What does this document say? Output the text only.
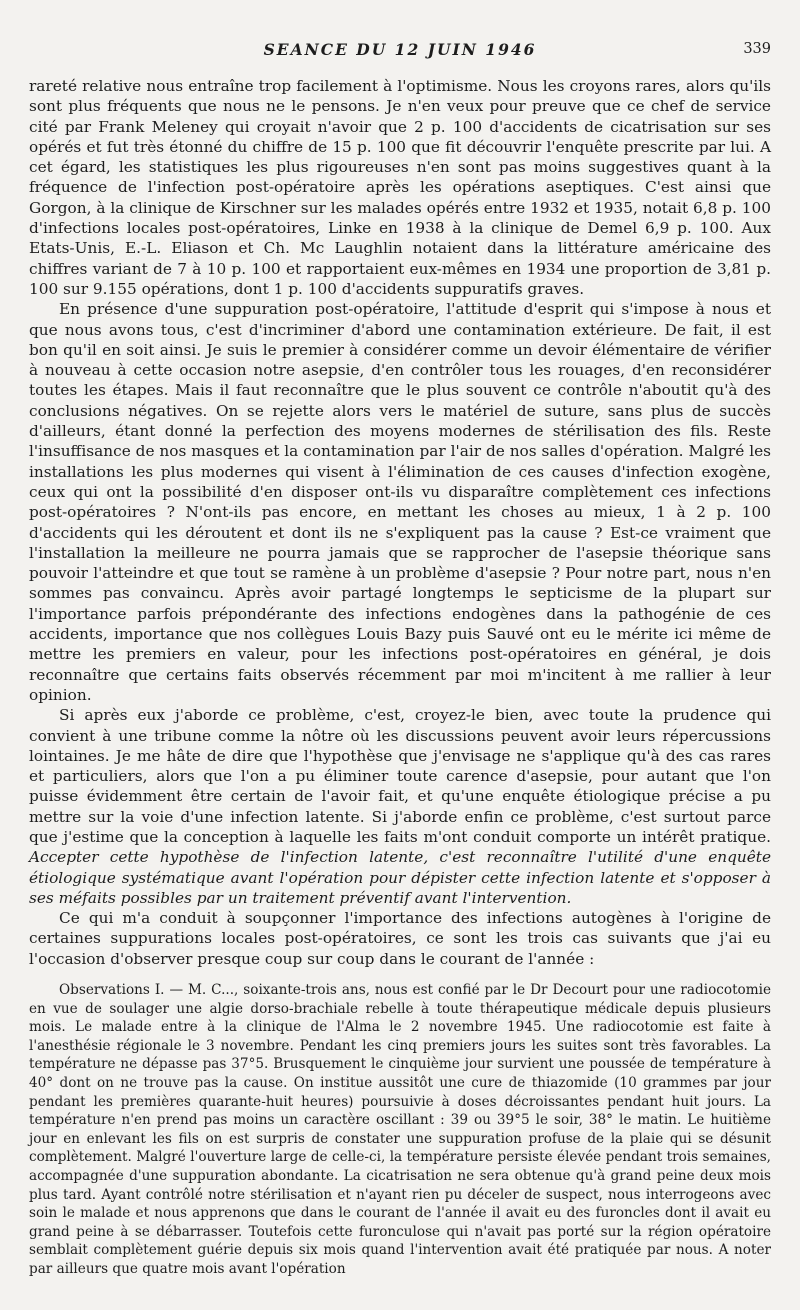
SEANCE DU 12 JUIN 1946	339

rareté relative nous entraîne trop facilement à l'optimisme. Nous les croyons rares, alors qu'ils sont plus fréquents que nous ne le pensons. Je n'en veux pour preuve que ce chef de service cité par Frank Meleney qui croyait n'avoir que 2 p. 100 d'accidents de cicatrisation sur ses opérés et fut très étonné du chiffre de 15 p. 100 que fit découvrir l'enquête prescrite par lui. A cet égard, les statistiques les plus rigoureuses n'en sont pas moins suggestives quant à la fréquence de l'infection post-opératoire après les opérations aseptiques. C'est ainsi que Gorgon, à la clinique de Kirschner sur les malades opérés entre 1932 et 1935, notait 6,8 p. 100 d'infections locales post-opératoires, Linke en 1938 à la clinique de Demel 6,9 p. 100. Aux Etats-Unis, E.-L. Eliason et Ch. Mc Laughlin notaient dans la littérature américaine des chiffres variant de 7 à 10 p. 100 et rapportaient eux-mêmes en 1934 une proportion de 3,81 p. 100 sur 9.155 opérations, dont 1 p. 100 d'accidents suppuratifs graves.

En présence d'une suppuration post-opératoire, l'attitude d'esprit qui s'impose à nous et que nous avons tous, c'est d'incriminer d'abord une contamination extérieure. De fait, il est bon qu'il en soit ainsi. Je suis le premier à considérer comme un devoir élémentaire de vérifier à nouveau à cette occasion notre asepsie, d'en contrôler tous les rouages, d'en reconsidérer toutes les étapes. Mais il faut reconnaître que le plus souvent ce contrôle n'aboutit qu'à des conclusions négatives. On se rejette alors vers le matériel de suture, sans plus de succès d'ailleurs, étant donné la perfection des moyens modernes de stérilisation des fils. Reste l'insuffisance de nos masques et la contamination par l'air de nos salles d'opération. Malgré les installations les plus modernes qui visent à l'élimination de ces causes d'infection exogène, ceux qui ont la possibilité d'en disposer ont-ils vu disparaître complètement ces infections post-opératoires ? N'ont-ils pas encore, en mettant les choses au mieux, 1 à 2 p. 100 d'accidents qui les déroutent et dont ils ne s'expliquent pas la cause ? Est-ce vraiment que l'installation la meilleure ne pourra jamais que se rapprocher de l'asepsie théorique sans pouvoir l'atteindre et que tout se ramène à un problème d'asepsie ? Pour notre part, nous n'en sommes pas convaincu. Après avoir partagé longtemps le septicisme de la plupart sur l'importance parfois prépondérante des infections endogènes dans la pathogénie de ces accidents, importance que nos collègues Louis Bazy puis Sauvé ont eu le mérite ici même de mettre les premiers en valeur, pour les infections post-opératoires en général, je dois reconnaître que certains faits observés récemment par moi m'incitent à me rallier à leur opinion.

Si après eux j'aborde ce problème, c'est, croyez-le bien, avec toute la prudence qui convient à une tribune comme la nôtre où les discussions peuvent avoir leurs répercussions lointaines. Je me hâte de dire que l'hypothèse que j'envisage ne s'applique qu'à des cas rares et particuliers, alors que l'on a pu éliminer toute carence d'asepsie, pour autant que l'on puisse évidemment être certain de l'avoir fait, et qu'une enquête étiologique précise a pu mettre sur la voie d'une infection latente. Si j'aborde enfin ce problème, c'est surtout parce que j'estime que la conception à laquelle les faits m'ont conduit comporte un intérêt pratique. Accepter cette hypothèse de l'infection latente, c'est reconnaître l'utilité d'une enquête étiologique systématique avant l'opération pour dépister cette infection latente et s'opposer à ses méfaits possibles par un traitement préventif avant l'intervention.

Ce qui m'a conduit à soupçonner l'importance des infections autogènes à l'origine de certaines suppurations locales post-opératoires, ce sont les trois cas suivants que j'ai eu l'occasion d'observer presque coup sur coup dans le courant de l'année :

Observations I. — M. C..., soixante-trois ans, nous est confié par le Dr Decourt pour une radiocotomie en vue de soulager une algie dorso-brachiale rebelle à toute thérapeutique médicale depuis plusieurs mois. Le malade entre à la clinique de l'Alma le 2 novembre 1945. Une radiocotomie est faite à l'anesthésie régionale le 3 novembre. Pendant les cinq premiers jours les suites sont très favorables. La température ne dépasse pas 37°5. Brusquement le cinquième jour survient une poussée de température à 40° dont on ne trouve pas la cause. On institue aussitôt une cure de thiazomide (10 grammes par jour pendant les premières quarante-huit heures) poursuivie à doses décroissantes pendant huit jours. La température n'en prend pas moins un caractère oscillant : 39 ou 39°5 le soir, 38° le matin. Le huitième jour en enlevant les fils on est surpris de constater une suppuration profuse de la plaie qui se désunit complètement. Malgré l'ouverture large de celle-ci, la température persiste élevée pendant trois semaines, accompagnée d'une suppuration abondante. La cicatrisation ne sera obtenue qu'à grand peine deux mois plus tard. Ayant contrôlé notre stérilisation et n'ayant rien pu déceler de suspect, nous interrogeons avec soin le malade et nous apprenons que dans le courant de l'année il avait eu des furoncles dont il avait eu grand peine à se débarrasser. Toutefois cette furonculose qui n'avait pas porté sur la région opératoire semblait complètement guérie depuis six mois quand l'intervention avait été pratiquée par nous. A noter par ailleurs que quatre mois avant l'opération
